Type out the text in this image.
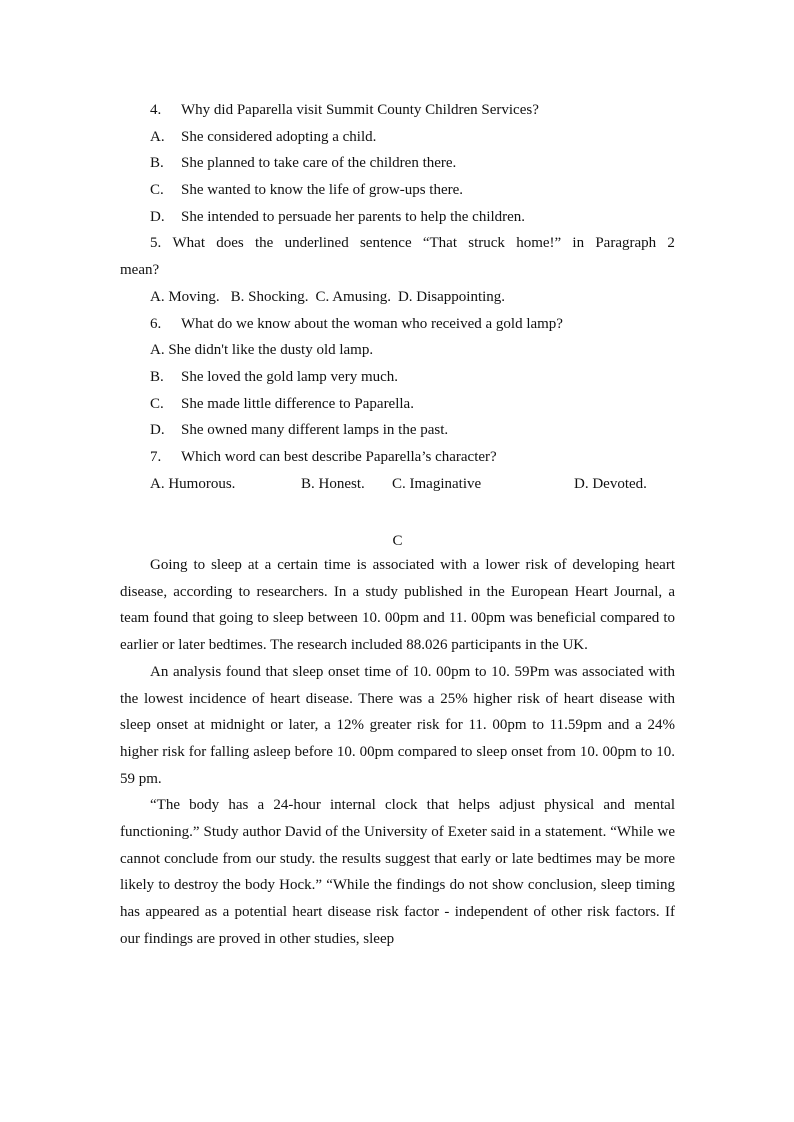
4. Why did Paparella visit Summit County Children Services?
A. She considered adopting a child.
B. She planned to take care of the children there.
C. She wanted to know the life of grow-ups there.
D. She intended to persuade her parents to help the children.
5. What does the underlined sentence “That struck home!” in Paragraph 2
mean?
A. Moving. B. Shocking. C. Amusing. D. Disappointing.
6. What do we know about the woman who received a gold lamp?
A. She didn't like the dusty old lamp.
B. She loved the gold lamp very much.
C. She made little difference to Paparella.
D. She owned many different lamps in the past.
7. Which word can best describe Paparella’s character?
A. Humorous.	B. Honest. C. Imaginative	D. Devoted.
C

Going to sleep at a certain time is associated with a lower risk of developing heart disease, according to researchers. In a study published in the European Heart Journal, a team found that going to sleep between 10. 00pm and 11. 00pm was beneficial compared to earlier or later bedtimes. The research included 88.026 participants in the UK.

An analysis found that sleep onset time of 10. 00pm to 10. 59Pm was associated with the lowest incidence of heart disease. There was a 25% higher risk of heart disease with sleep onset at midnight or later, a 12% greater risk for 11. 00pm to 11.59pm and a 24% higher risk for falling asleep before 10. 00pm compared to sleep onset from 10. 00pm to 10. 59 pm.

“The body has a 24-hour internal clock that helps adjust physical and mental functioning.” Study author David of the University of Exeter said in a statement. “While we cannot conclude from our study. the results suggest that early or late bedtimes may be more likely to destroy the body Hock.” “While the findings do not show conclusion, sleep timing has appeared as a potential heart disease risk factor - independent of other risk factors. If our findings are proved in other studies, sleep
